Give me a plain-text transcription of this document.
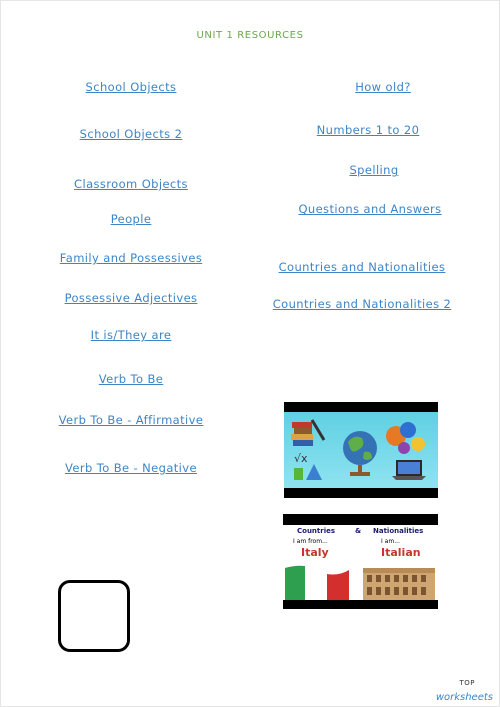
UNIT 1 RESOURCES
School Objects
School Objects 2
Classroom Objects
People
Family and Possessives
Possessive Adjectives
It is/They are
Verb To Be
Verb To Be - Affirmative
Verb To Be - Negative
How old?
Numbers 1 to 20
Spelling
Questions and Answers
Countries and Nationalities
Countries and Nationalities 2
√x
Countries	& Nationalities
I am from...	I am...
Italy	Italian
TOP
worksheets
